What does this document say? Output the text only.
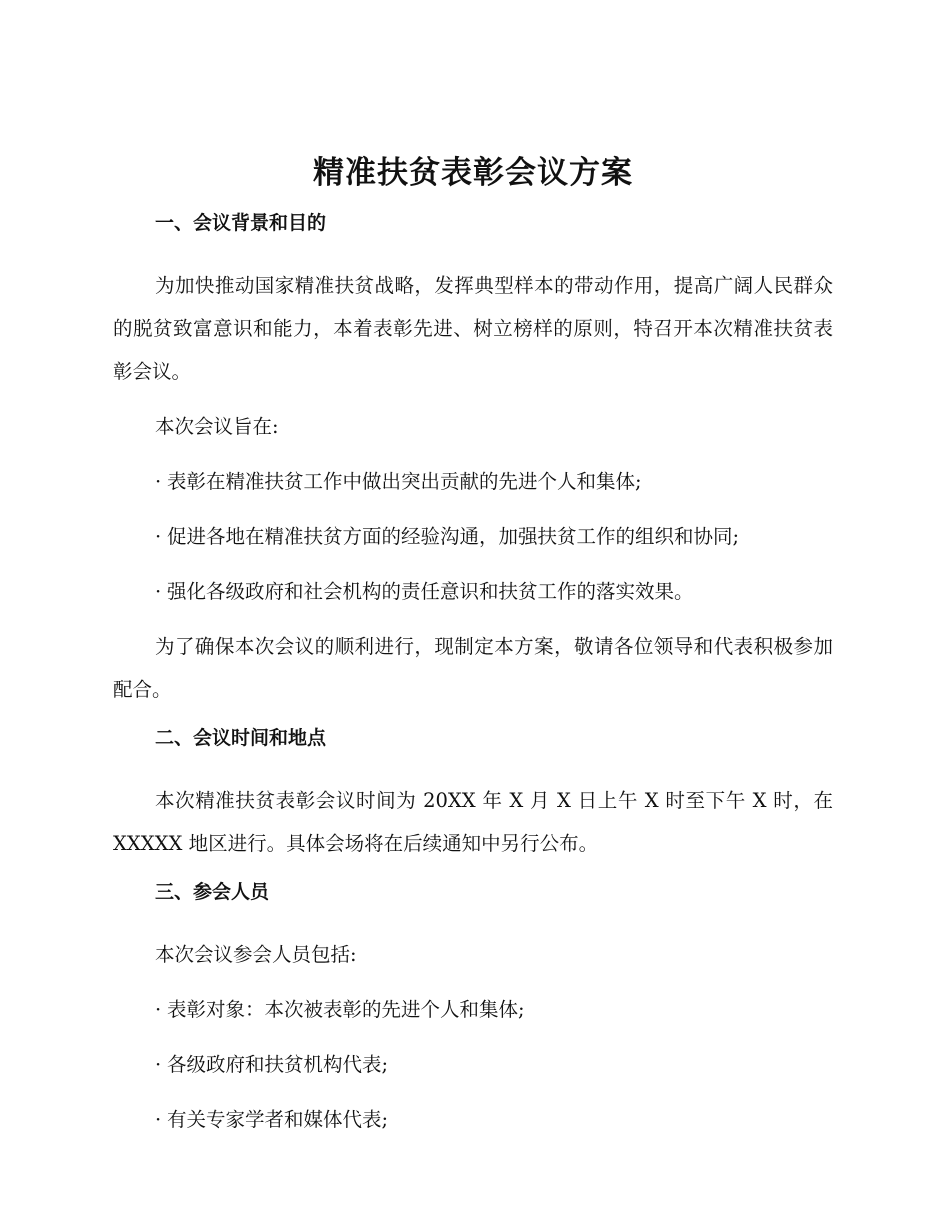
精准扶贫表彰会议方案
一、会议背景和目的

为加快推动国家精准扶贫战略，发挥典型样本的带动作用，提高广阔人民群众的脱贫致富意识和能力，本着表彰先进、树立榜样的原则，特召开本次精准扶贫表彰会议。

本次会议旨在:

· 表彰在精准扶贫工作中做出突出贡献的先进个人和集体;
· 促进各地在精准扶贫方面的经验沟通，加强扶贫工作的组织和协同;
· 强化各级政府和社会机构的责任意识和扶贫工作的落实效果。

为了确保本次会议的顺利进行，现制定本方案，敬请各位领导和代表积极参加配合。

二、会议时间和地点

本次精准扶贫表彰会议时间为 20XX 年 X 月 X 日上午 X 时至下午 X 时，在 XXXXX 地区进行。具体会场将在后续通知中另行公布。

三、参会人员

本次会议参会人员包括:

· 表彰对象：本次被表彰的先进个人和集体;
· 各级政府和扶贫机构代表;
· 有关专家学者和媒体代表;
